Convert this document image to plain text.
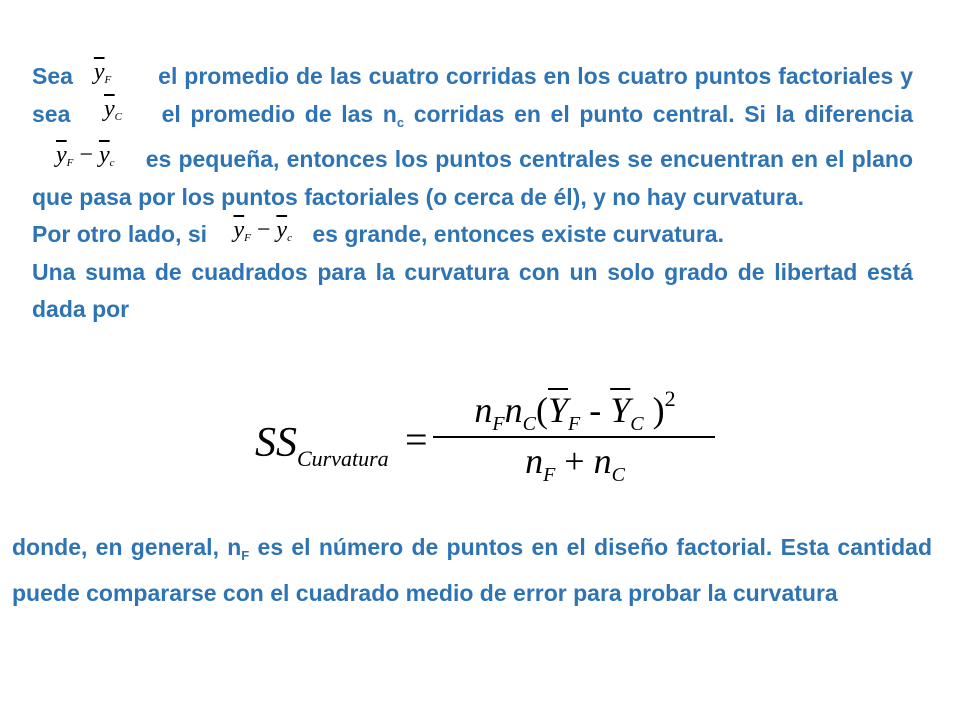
Sea $\overline{y}_F$ el promedio de las cuatro corridas en los cuatro puntos factoriales y sea $\overline{y}_C$ el promedio de las $n_c$ corridas en el punto central. Si la diferencia $\overline{y}_F - \overline{y}_c$ es pequeña, entonces los puntos centrales se encuentran en el plano que pasa por los puntos factoriales (o cerca de él), y no hay curvatura.
Por otro lado, si $\overline{y}_F - \overline{y}_c$ es grande, entonces existe curvatura.
Una suma de cuadrados para la curvatura con un solo grado de libertad está dada por

$SS_{Curvatura}$ =
$n_Fn_C(\overline{Y}_F - \overline{Y}_C$ )$^2$
$n_F + n_C$

donde, en general, $n_F$ es el número de puntos en el diseño factorial. Esta cantidad puede compararse con el cuadrado medio de error para probar la curvatura
